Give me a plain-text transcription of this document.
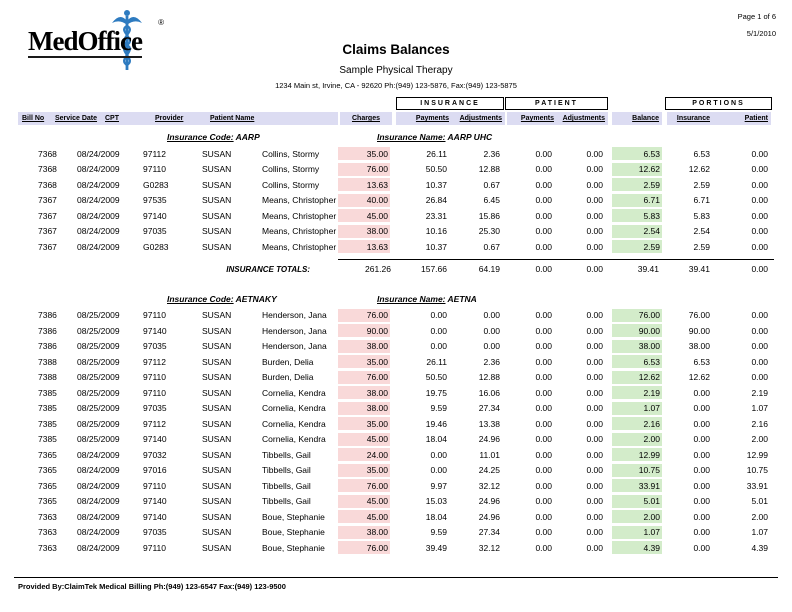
Page 1 of 6
5/1/2010
MedOffice
®
Claims Balances
Sample Physical Therapy
1234 Main st, Irvine, CA - 92620 Ph:(949) 123-5876, Fax:(949) 123-5875
INSURANCE	PATIENT	PORTIONS
Bill No	Service Date	CPT	Provider	Patient Name	Charges	Payments	Adjustments	Payments	Adjustments	Balance	Insurance	Patient
Insurance Code: AARP	Insurance Name: AARP UHC
7368	08/24/2009	97112	SUSAN	Collins, Stormy	35.00	26.11	2.36	0.00	0.00	6.53	6.53	0.00
7368	08/24/2009	97110	SUSAN	Collins, Stormy	76.00	50.50	12.88	0.00	0.00	12.62	12.62	0.00
7368	08/24/2009	G0283	SUSAN	Collins, Stormy	13.63	10.37	0.67	0.00	0.00	2.59	2.59	0.00
7367	08/24/2009	97535	SUSAN	Means, Christopher	40.00	26.84	6.45	0.00	0.00	6.71	6.71	0.00
7367	08/24/2009	97140	SUSAN	Means, Christopher	45.00	23.31	15.86	0.00	0.00	5.83	5.83	0.00
7367	08/24/2009	97035	SUSAN	Means, Christopher	38.00	10.16	25.30	0.00	0.00	2.54	2.54	0.00
7367	08/24/2009	G0283	SUSAN	Means, Christopher	13.63	10.37	0.67	0.00	0.00	2.59	2.59	0.00
INSURANCE TOTALS:	261.26	157.66	64.19	0.00	0.00	39.41	39.41	0.00
Insurance Code: AETNAKY	Insurance Name: AETNA
7386	08/25/2009	97110	SUSAN	Henderson, Jana	76.00	0.00	0.00	0.00	0.00	76.00	76.00	0.00
7386	08/25/2009	97140	SUSAN	Henderson, Jana	90.00	0.00	0.00	0.00	0.00	90.00	90.00	0.00
7386	08/25/2009	97035	SUSAN	Henderson, Jana	38.00	0.00	0.00	0.00	0.00	38.00	38.00	0.00
7388	08/25/2009	97112	SUSAN	Burden, Delia	35.00	26.11	2.36	0.00	0.00	6.53	6.53	0.00
7388	08/25/2009	97110	SUSAN	Burden, Delia	76.00	50.50	12.88	0.00	0.00	12.62	12.62	0.00
7385	08/25/2009	97110	SUSAN	Cornelia, Kendra	38.00	19.75	16.06	0.00	0.00	2.19	0.00	2.19
7385	08/25/2009	97035	SUSAN	Cornelia, Kendra	38.00	9.59	27.34	0.00	0.00	1.07	0.00	1.07
7385	08/25/2009	97112	SUSAN	Cornelia, Kendra	35.00	19.46	13.38	0.00	0.00	2.16	0.00	2.16
7385	08/25/2009	97140	SUSAN	Cornelia, Kendra	45.00	18.04	24.96	0.00	0.00	2.00	0.00	2.00
7365	08/24/2009	97032	SUSAN	Tibbells, Gail	24.00	0.00	11.01	0.00	0.00	12.99	0.00	12.99
7365	08/24/2009	97016	SUSAN	Tibbells, Gail	35.00	0.00	24.25	0.00	0.00	10.75	0.00	10.75
7365	08/24/2009	97110	SUSAN	Tibbells, Gail	76.00	9.97	32.12	0.00	0.00	33.91	0.00	33.91
7365	08/24/2009	97140	SUSAN	Tibbells, Gail	45.00	15.03	24.96	0.00	0.00	5.01	0.00	5.01
7363	08/24/2009	97140	SUSAN	Boue, Stephanie	45.00	18.04	24.96	0.00	0.00	2.00	0.00	2.00
7363	08/24/2009	97035	SUSAN	Boue, Stephanie	38.00	9.59	27.34	0.00	0.00	1.07	0.00	1.07
7363	08/24/2009	97110	SUSAN	Boue, Stephanie	76.00	39.49	32.12	0.00	0.00	4.39	0.00	4.39
Provided By:ClaimTek Medical Billing Ph:(949) 123-6547 Fax:(949) 123-9500
